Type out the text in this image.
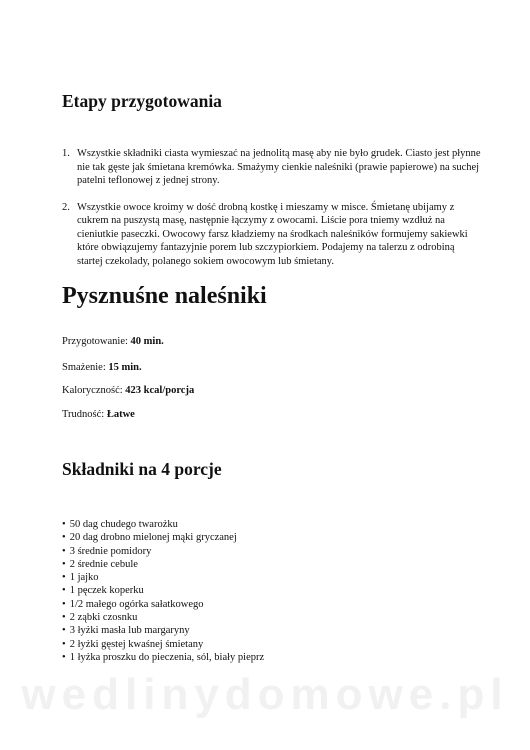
Etapy przygotowania
1. Wszystkie składniki ciasta wymieszać na jednolitą masę aby nie było grudek. Ciasto jest płynne nie tak gęste jak śmietana kremówka. Smażymy cienkie naleśniki (prawie papierowe) na suchej patelni teflonowej z jednej strony.
2. Wszystkie owoce kroimy w dość drobną kostkę i mieszamy w misce. Śmietanę ubijamy z cukrem na puszystą masę, następnie łączymy z owocami. Liście pora tniemy wzdłuż na cieniutkie paseczki. Owocowy farsz kładziemy na środkach naleśników formujemy sakiewki które obwiązujemy fantazyjnie porem lub szczypiorkiem. Podajemy na talerzu z odrobiną startej czekolady, polanego sokiem owocowym lub śmietany.
Pysznuśne naleśniki
Przygotowanie: 40 min.
Smażenie: 15 min.
Kaloryczność: 423 kcal/porcja
Trudność: Łatwe
Składniki na 4 porcje
• 50 dag chudego twarożku
• 20 dag drobno mielonej mąki gryczanej
• 3 średnie pomidory
• 2 średnie cebule
• 1 jajko
• 1 pęczek koperku
• 1/2 małego ogórka sałatkowego
• 2 ząbki czosnku
• 3 łyżki masła lub margaryny
• 2 łyżki gęstej kwaśnej śmietany
• 1 łyżka proszku do pieczenia, sól, biały pieprz
wedlinydomowe.pl
